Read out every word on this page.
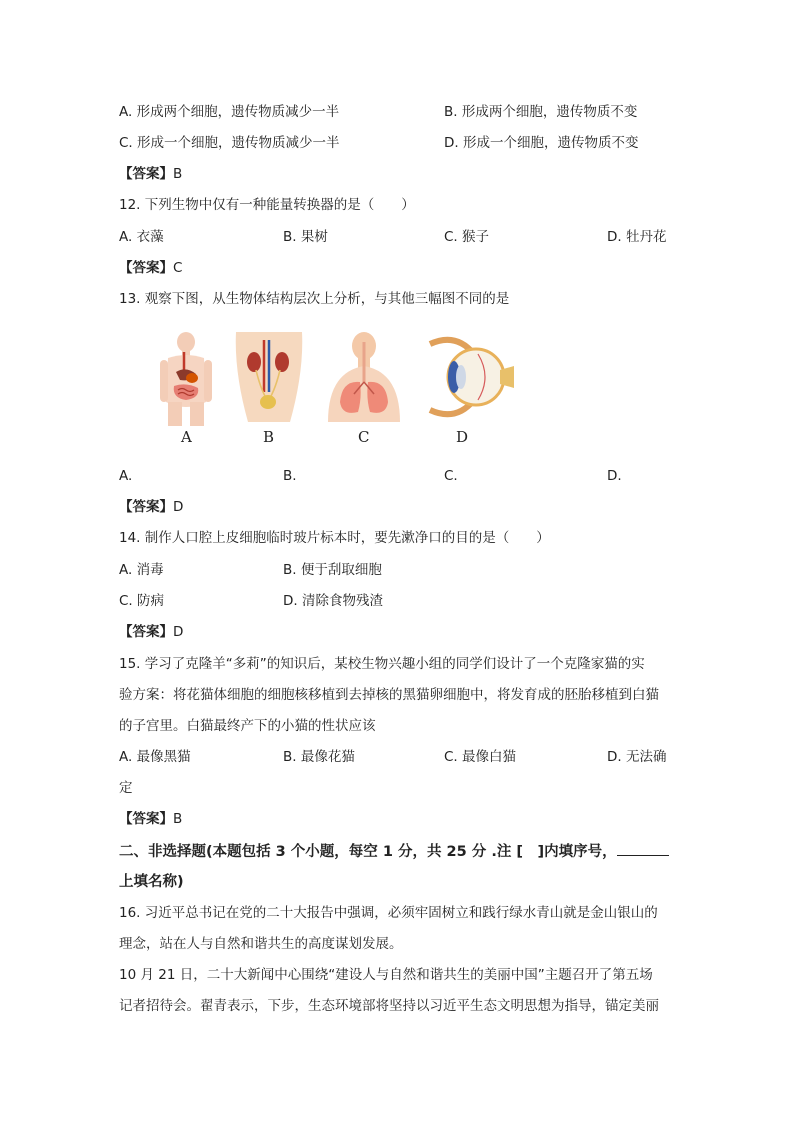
A. 形成两个细胞，遗传物质减少一半	B. 形成两个细胞，遗传物质不变
C. 形成一个细胞，遗传物质减少一半	D. 形成一个细胞，遗传物质不变
【答案】B
12. 下列生物中仅有一种能量转换器的是（　　）
A. 衣藻	B. 果树	C. 猴子	D. 牡丹花
【答案】C
13. 观察下图，从生物体结构层次上分析，与其他三幅图不同的是
A	B	C	D
A.	B.	C.	D.
【答案】D
14. 制作人口腔上皮细胞临时玻片标本时，要先漱净口的目的是（　　）
A. 消毒	B. 便于刮取细胞
C. 防病	D. 清除食物残渣
【答案】D
15. 学习了克隆羊“多莉”的知识后，某校生物兴趣小组的同学们设计了一个克隆家猫的实
验方案：将花猫体细胞的细胞核移植到去掉核的黑猫卵细胞中，将发育成的胚胎移植到白猫
的子宫里。白猫最终产下的小猫的性状应该
A. 最像黑猫	B. 最像花猫	C. 最像白猫	D. 无法确
定
【答案】B
二、非选择题(本题包括 3 个小题，每空 1 分，共 25 分 .注 [　]内填序号，
上填名称)
16. 习近平总书记在党的二十大报告中强调，必须牢固树立和践行绿水青山就是金山银山的
理念，站在人与自然和谐共生的高度谋划发展。
10 月 21 日，二十大新闻中心围绕“建设人与自然和谐共生的美丽中国”主题召开了第五场
记者招待会。翟青表示，下步，生态环境部将坚持以习近平生态文明思想为指导，锚定美丽
